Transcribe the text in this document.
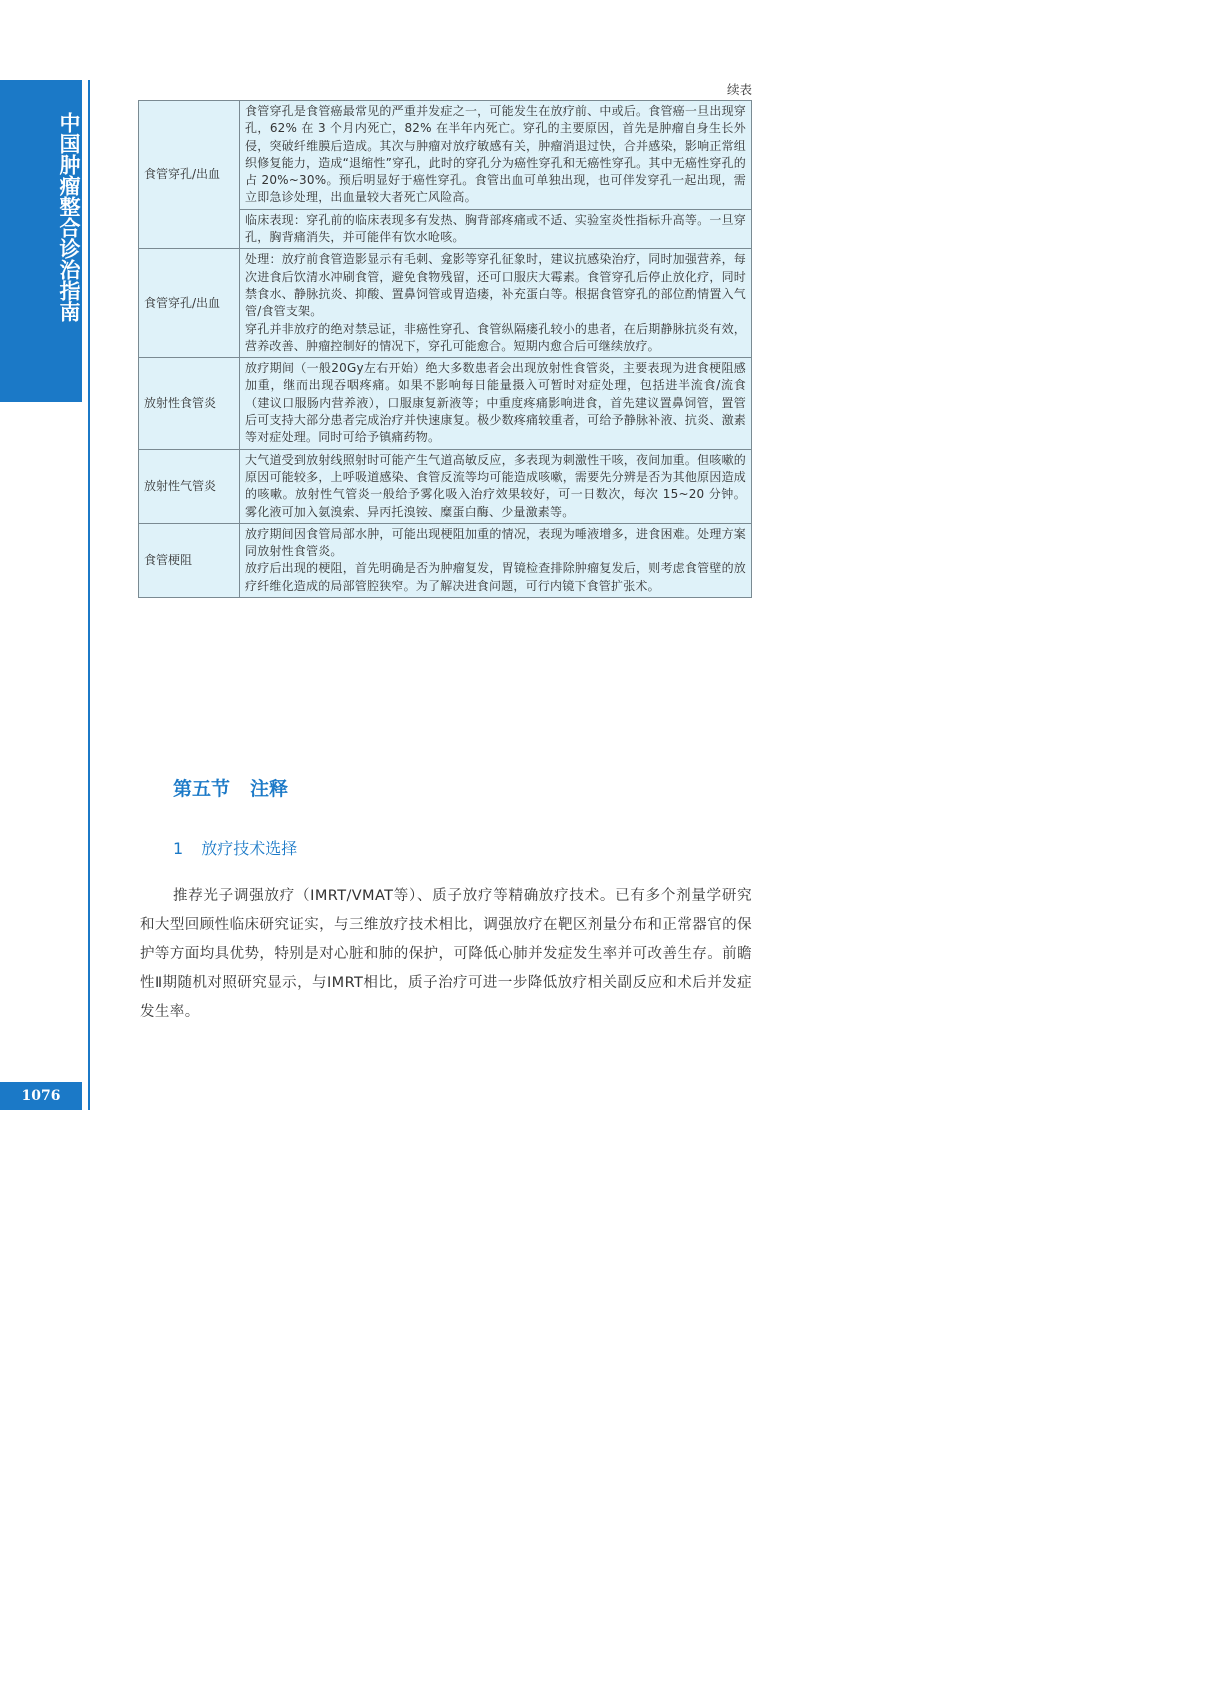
中国肿瘤整合诊治指南
1076
续表
食管穿孔/出血	食管穿孔是食管癌最常见的严重并发症之一，可能发生在放疗前、中或后。食管癌一旦出现穿孔，62% 在 3 个月内死亡，82% 在半年内死亡。穿孔的主要原因，首先是肿瘤自身生长外侵，突破纤维膜后造成。其次与肿瘤对放疗敏感有关，肿瘤消退过快，合并感染，影响正常组织修复能力，造成“退缩性”穿孔，此时的穿孔分为癌性穿孔和无癌性穿孔。其中无癌性穿孔的占 20%~30%。预后明显好于癌性穿孔。食管出血可单独出现，也可伴发穿孔一起出现，需立即急诊处理，出血量较大者死亡风险高。
	临床表现：穿孔前的临床表现多有发热、胸背部疼痛或不适、实验室炎性指标升高等。一旦穿孔，胸背痛消失，并可能伴有饮水呛咳。
食管穿孔/出血	处理：放疗前食管造影显示有毛刺、龛影等穿孔征象时，建议抗感染治疗，同时加强营养，每次进食后饮清水冲刷食管，避免食物残留，还可口服庆大霉素。食管穿孔后停止放化疗，同时禁食水、静脉抗炎、抑酸、置鼻饲管或胃造瘘，补充蛋白等。根据食管穿孔的部位酌情置入气管/食管支架。

穿孔并非放疗的绝对禁忌证，非癌性穿孔、食管纵隔瘘孔较小的患者，在后期静脉抗炎有效，营养改善、肿瘤控制好的情况下，穿孔可能愈合。短期内愈合后可继续放疗。

放射性食管炎	放疗期间（一般20Gy左右开始）绝大多数患者会出现放射性食管炎，主要表现为进食梗阻感加重，继而出现吞咽疼痛。如果不影响每日能量摄入可暂时对症处理，包括进半流食/流食（建议口服肠内营养液），口服康复新液等；中重度疼痛影响进食，首先建议置鼻饲管，置管后可支持大部分患者完成治疗并快速康复。极少数疼痛较重者，可给予静脉补液、抗炎、激素等对症处理。同时可给予镇痛药物。
放射性气管炎	大气道受到放射线照射时可能产生气道高敏反应，多表现为刺激性干咳，夜间加重。但咳嗽的原因可能较多，上呼吸道感染、食管反流等均可能造成咳嗽，需要先分辨是否为其他原因造成的咳嗽。放射性气管炎一般给予雾化吸入治疗效果较好，可一日数次，每次 15~20 分钟。雾化液可加入氨溴索、异丙托溴铵、糜蛋白酶、少量激素等。
食管梗阻	放疗期间因食管局部水肿，可能出现梗阻加重的情况，表现为唾液增多，进食困难。处理方案同放射性食管炎。

放疗后出现的梗阻，首先明确是否为肿瘤复发，胃镜检查排除肿瘤复发后，则考虑食管壁的放疗纤维化造成的局部管腔狭窄。为了解决进食问题，可行内镜下食管扩张术。

第五节 注释
1 放疗技术选择

推荐光子调强放疗（IMRT/VMAT等）、质子放疗等精确放疗技术。已有多个剂量学研究和大型回顾性临床研究证实，与三维放疗技术相比，调强放疗在靶区剂量分布和正常器官的保护等方面均具优势，特别是对心脏和肺的保护，可降低心肺并发症发生率并可改善生存。前瞻性Ⅱ期随机对照研究显示，与IMRT相比，质子治疗可进一步降低放疗相关副反应和术后并发症发生率。
